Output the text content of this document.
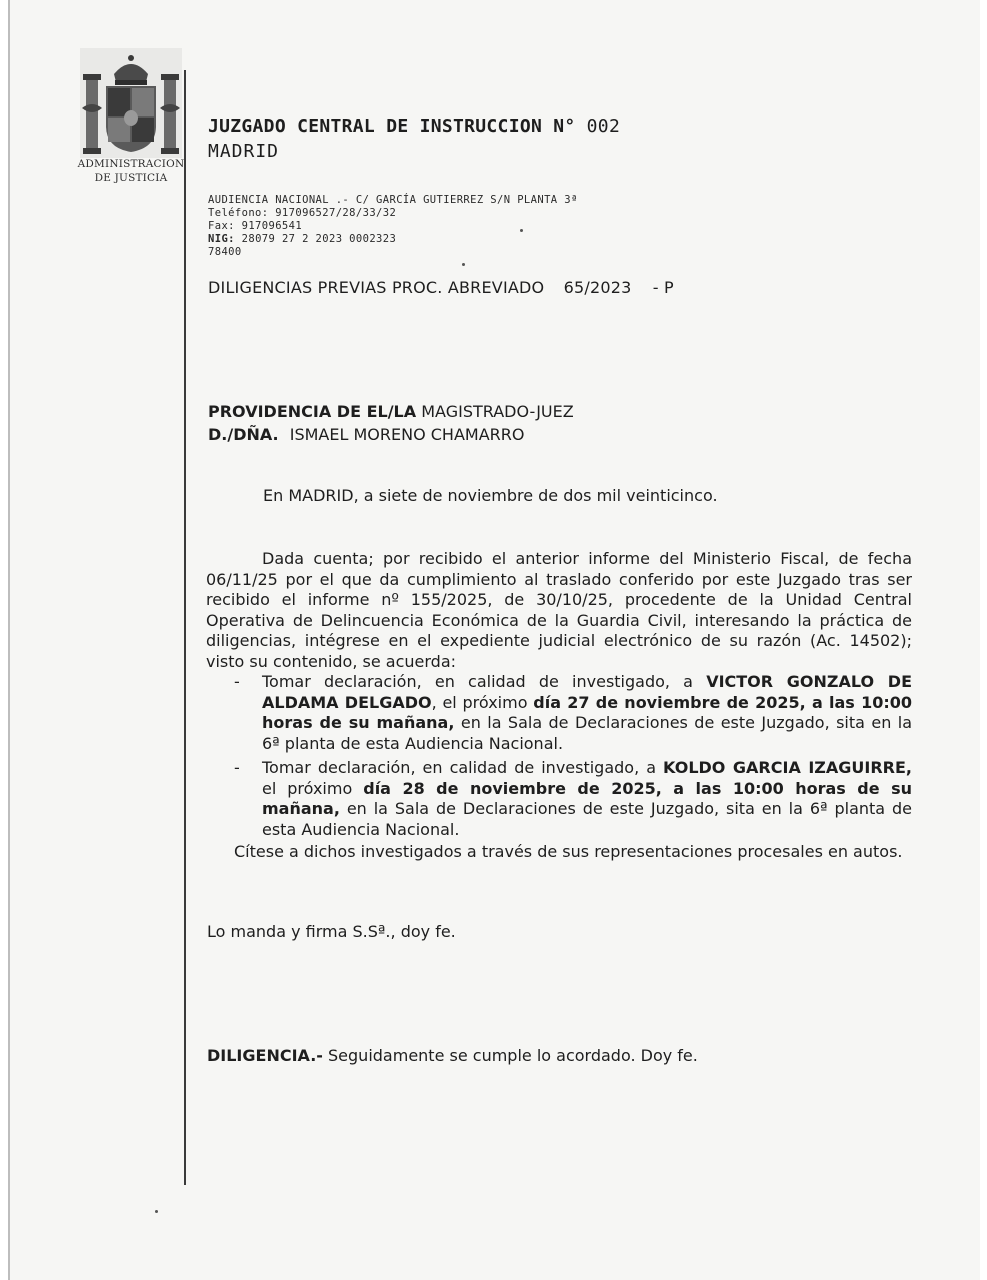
ADMINISTRACION
DE JUSTICIA
JUZGADO CENTRAL DE INSTRUCCION N° 002
MADRID
AUDIENCIA NACIONAL .- C/ GARCÍA GUTIERREZ S/N PLANTA 3ª
Teléfono: 917096527/28/33/32
Fax: 917096541
NIG: 28079 27 2 2023 0002323
78400
DILIGENCIAS PREVIAS PROC. ABREVIADO 65/2023 - P
PROVIDENCIA DE EL/LA MAGISTRADO-JUEZ
D./DÑA. ISMAEL MORENO CHAMARRO
En MADRID, a siete de noviembre de dos mil veinticinco.

Dada cuenta; por recibido el anterior informe del Ministerio Fiscal, de fecha 06/11/25 por el que da cumplimiento al traslado conferido por este Juzgado tras ser recibido el informe nº 155/2025, de 30/10/25, procedente de la Unidad Central Operativa de Delincuencia Económica de la Guardia Civil, interesando la práctica de diligencias, intégrese en el expediente judicial electrónico de su razón (Ac. 14502); visto su contenido, se acuerda:

- Tomar declaración, en calidad de investigado, a VICTOR GONZALO DE ALDAMA DELGADO, el próximo día 27 de noviembre de 2025, a las 10:00 horas de su mañana, en la Sala de Declaraciones de este Juzgado, sita en la 6ª planta de esta Audiencia Nacional.
- Tomar declaración, en calidad de investigado, a KOLDO GARCIA IZAGUIRRE, el próximo día 28 de noviembre de 2025, a las 10:00 horas de su mañana, en la Sala de Declaraciones de este Juzgado, sita en la 6ª planta de esta Audiencia Nacional.

Cítese a dichos investigados a través de sus representaciones procesales en autos.

Lo manda y firma S.Sª., doy fe.
DILIGENCIA.- Seguidamente se cumple lo acordado. Doy fe.
